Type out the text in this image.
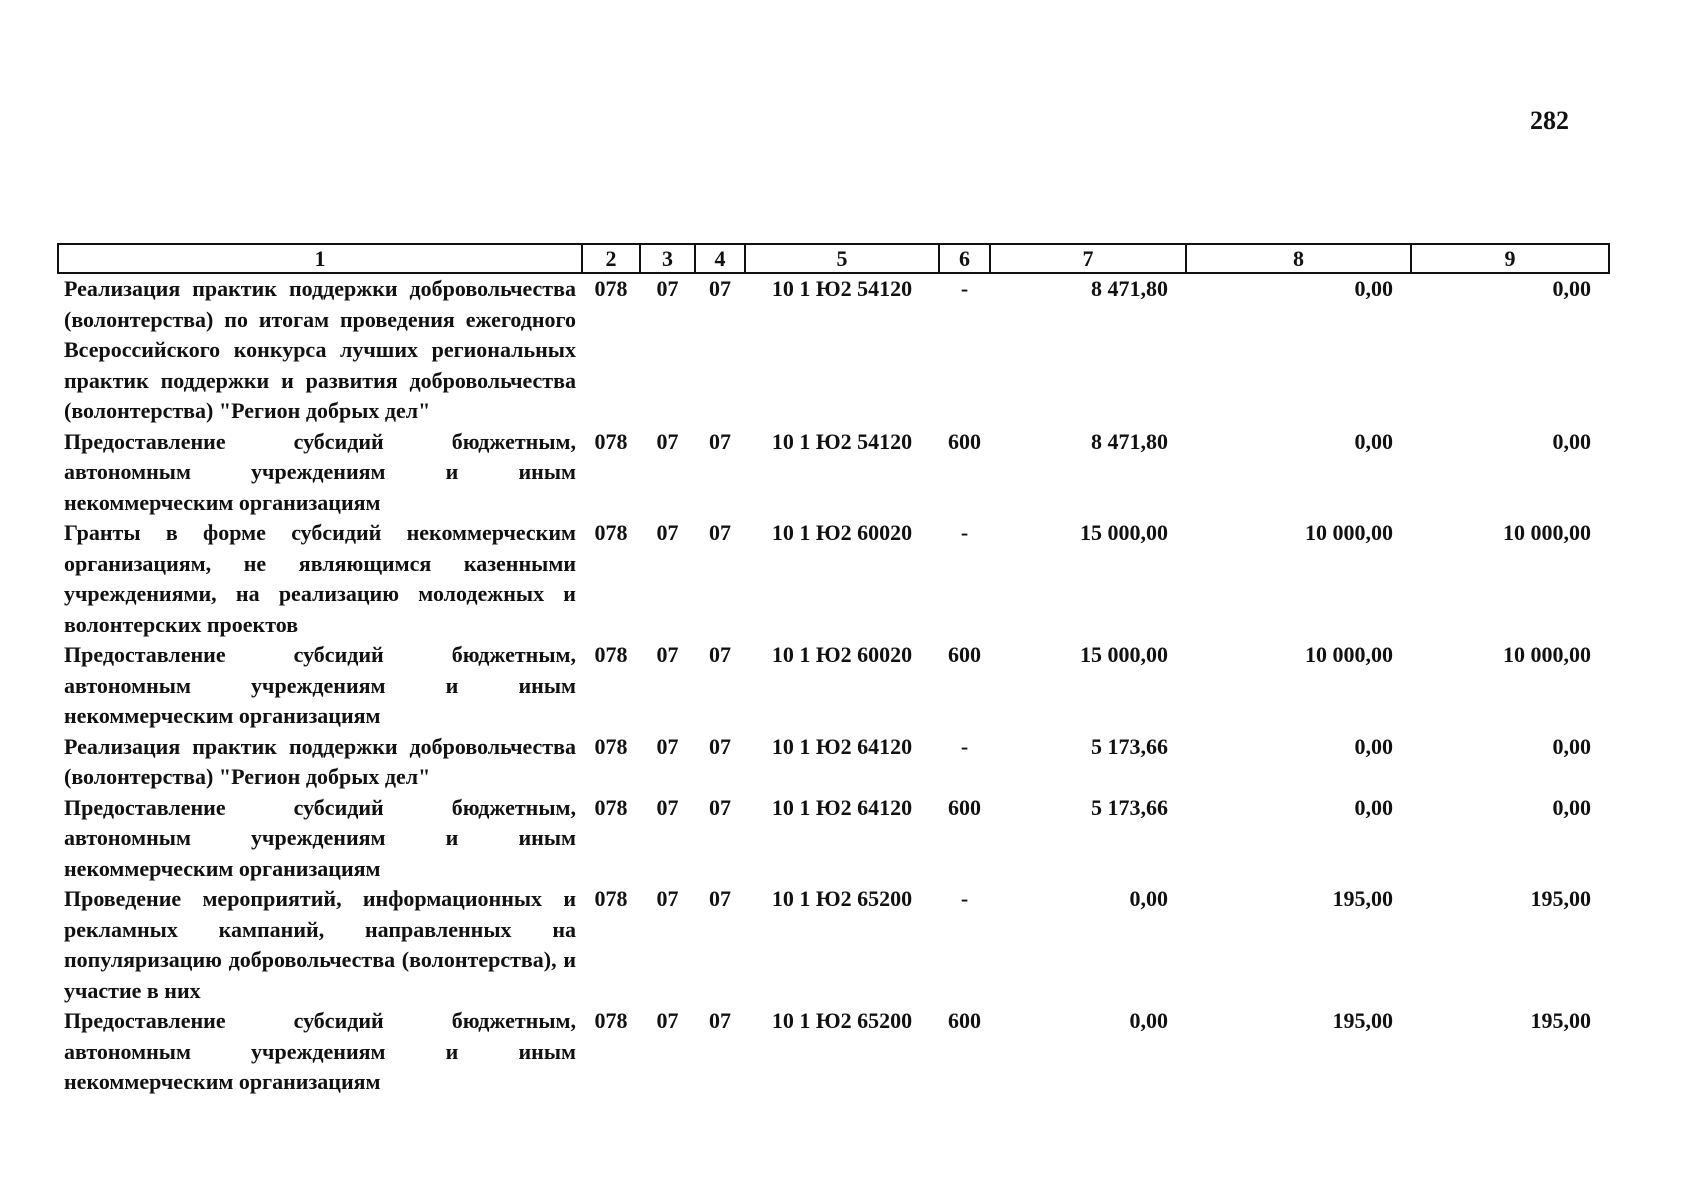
282
1	2	3	4	5	6	7	8	9
Реализация практик поддержки добровольчества (волонтерства) по итогам проведения ежегодного Всероссийского конкурса лучших региональных практик поддержки и развития добровольчества (волонтерства) "Регион добрых дел"	078	07	07	10 1 Ю2 54120	-	8 471,80	0,00	0,00
Предоставление субсидий бюджетным, автономным учреждениям и иным некоммерческим организациям	078	07	07	10 1 Ю2 54120	600	8 471,80	0,00	0,00
Гранты в форме субсидий некоммерческим организациям, не являющимся казенными учреждениями, на реализацию молодежных и волонтерских проектов	078	07	07	10 1 Ю2 60020	-	15 000,00	10 000,00	10 000,00
Предоставление субсидий бюджетным, автономным учреждениям и иным некоммерческим организациям	078	07	07	10 1 Ю2 60020	600	15 000,00	10 000,00	10 000,00
Реализация практик поддержки добровольчества (волонтерства) "Регион добрых дел"	078	07	07	10 1 Ю2 64120	-	5 173,66	0,00	0,00
Предоставление субсидий бюджетным, автономным учреждениям и иным некоммерческим организациям	078	07	07	10 1 Ю2 64120	600	5 173,66	0,00	0,00
Проведение мероприятий, информационных и рекламных кампаний, направленных на популяризацию добровольчества (волонтерства), и участие в них	078	07	07	10 1 Ю2 65200	-	0,00	195,00	195,00
Предоставление субсидий бюджетным, автономным учреждениям и иным некоммерческим организациям	078	07	07	10 1 Ю2 65200	600	0,00	195,00	195,00
